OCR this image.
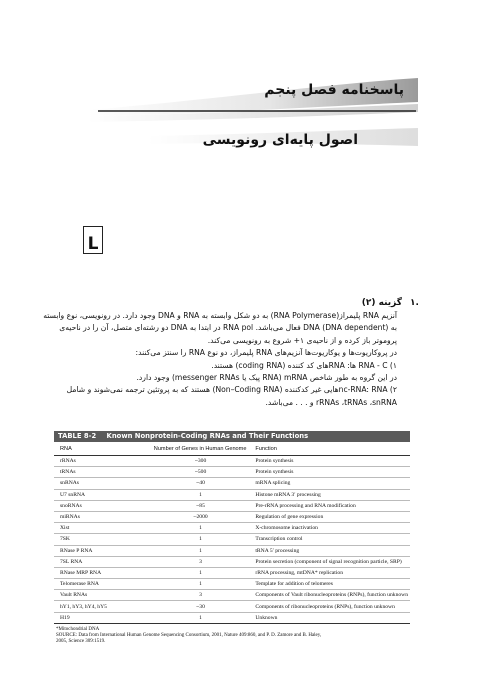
پاسخنامه فصل پنجم
اصول پایه‌ای رونویسی
L
۱.
گزینه (۲)

آنزیم RNA پلیمراز(RNA Polymerase) به دو شکل وابسته به RNA و DNA وجود دارد. در رونویسی، نوع وابسته

به DNA (DNA dependent) فعال می‌باشد. RNA pol در ابتدا به DNA دو رشته‌ای متصل، آن را در ناحیه‌ی

پروموتر باز کرده و از ناحیه‌ی ۱+ شروع به رونویسی می‌کند.

در پروکاریوت‌ها و یوکاریوت‌ها آنزیم‌های RNA پلیمراز، دو نوع RNA را سنتز می‌کنند:

۱) RNA - C ها: RNAهای کد کننده (coding RNA) هستند.

در این گروه به طور شاخص mRNA (RNA پیک یا messenger RNAs) وجود دارد.

۲) nc-RNA: RNAهایی غیر کدکننده (Non–Coding RNA) هستند که به پروتئین ترجمه نمی‌شوند و شامل

rRNAs ،tRNAs ،snRNA و . . . می‌باشد.

TABLE 8-2 Known Nonprotein-Coding RNAs and Their Functions
RNA	Number of Genes in Human Genome	Function
rRNAs	~300	Protein synthesis
tRNAs	~500	Protein synthesis
snRNAs	~40	mRNA splicing
U7 snRNA	1	Histone mRNA 3′ processing
snoRNAs	~85	Pre-rRNA processing and RNA modification
miRNAs	~2000	Regulation of gene expression
Xist	1	X-chromosome inactivation
7SK	1	Transcription control
RNase P RNA	1	tRNA 5′ processing
7SL RNA	3	Protein secretion (component of signal recognition particle, SRP)
RNase MRP RNA	1	rRNA processing, mtDNA* replication
Telomerase RNA	1	Template for addition of telomeres
Vault RNAs	3	Components of Vault ribonucleoproteins (RNPs), function unknown
hY1, hY3, hY4, hY5	~30	Components of ribonucleoproteins (RNPs), function unknown
H19	1	Unknown
*Mitochondrial DNA
SOURCE: Data from International Human Genome Sequencing Consortium, 2001, Nature 409:860, and P. D. Zamore and B. Haley,
2005, Science 309:1519.
